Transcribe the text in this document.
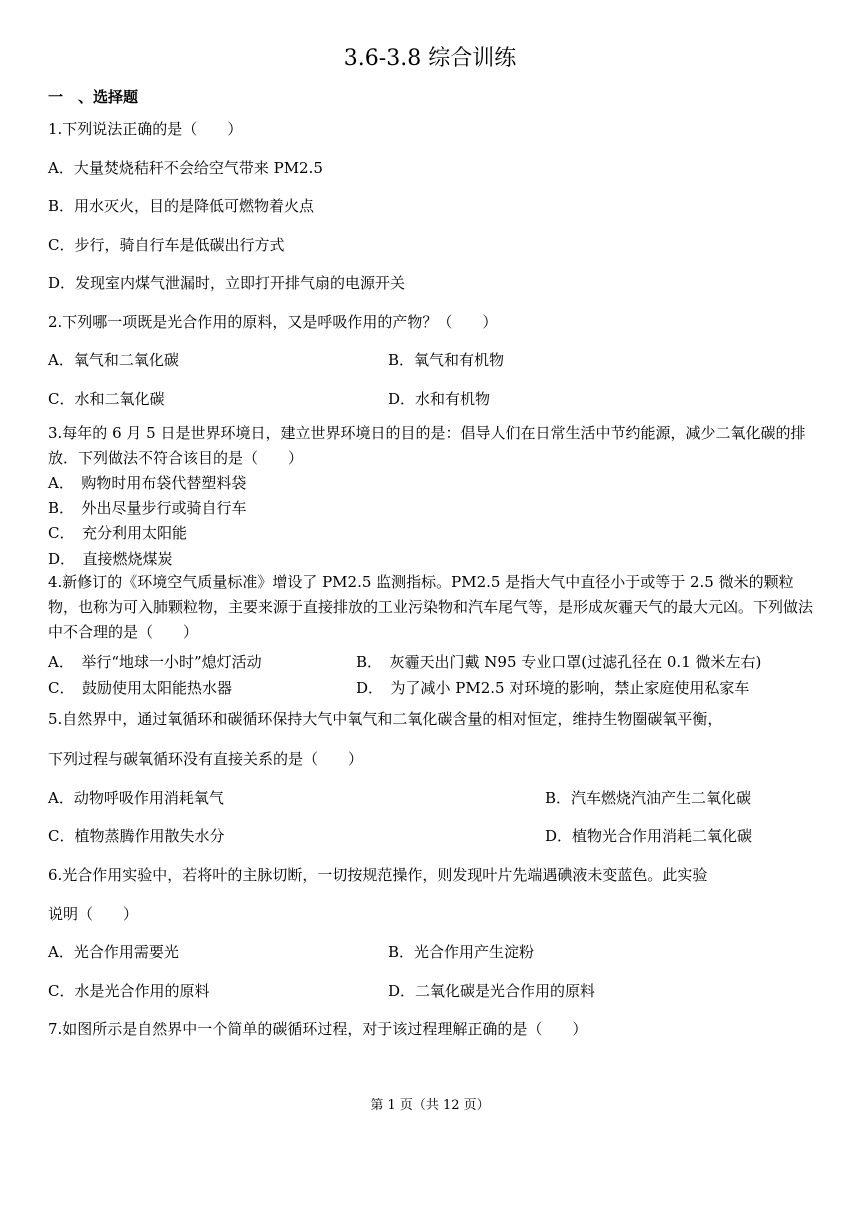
3.6-3.8 综合训练
一　、选择题
1.下列说法正确的是（　　）
A．大量焚烧秸秆不会给空气带来 PM2.5
B．用水灭火，目的是降低可燃物着火点
C．步行，骑自行车是低碳出行方式
D．发现室内煤气泄漏时，立即打开排气扇的电源开关
2.下列哪一项既是光合作用的原料，又是呼吸作用的产物？（　　）
A．氧气和二氧化碳	B．氧气和有机物
C．水和二氧化碳	D．水和有机物
3.每年的 6 月 5 日是世界环境日，建立世界环境日的目的是：倡导人们在日常生活中节约能源，减少二氧化碳的排放．下列做法不符合该目的是（　　）
A．　购物时用布袋代替塑料袋
B．　外出尽量步行或骑自行车
C．　充分利用太阳能
D．　直接燃烧煤炭
4.新修订的《环境空气质量标准》增设了 PM2.5 监测指标。PM2.5 是指大气中直径小于或等于 2.5 微米的颗粒物，也称为可入肺颗粒物，主要来源于直接排放的工业污染物和汽车尾气等，是形成灰霾天气的最大元凶。下列做法中不合理的是（　　）
A．　举行“地球一小时”熄灯活动	B．　灰霾天出门戴 N95 专业口罩(过滤孔径在 0.1 微米左右)
C．　鼓励使用太阳能热水器	D．　为了减小 PM2.5 对环境的影响，禁止家庭使用私家车
5.自然界中，通过氧循环和碳循环保持大气中氧气和二氧化碳含量的相对恒定，维持生物圈碳氧平衡，
下列过程与碳氧循环没有直接关系的是（　　）
A．动物呼吸作用消耗氧气	B．汽车燃烧汽油产生二氧化碳
C．植物蒸腾作用散失水分	D．植物光合作用消耗二氧化碳
6.光合作用实验中，若将叶的主脉切断，一切按规范操作，则发现叶片先端遇碘液未变蓝色。此实验
说明（　　）
A．光合作用需要光	B．光合作用产生淀粉
C．水是光合作用的原料	D．二氧化碳是光合作用的原料
7.如图所示是自然界中一个简单的碳循环过程，对于该过程理解正确的是（　　）
第 1 页（共 12 页）
